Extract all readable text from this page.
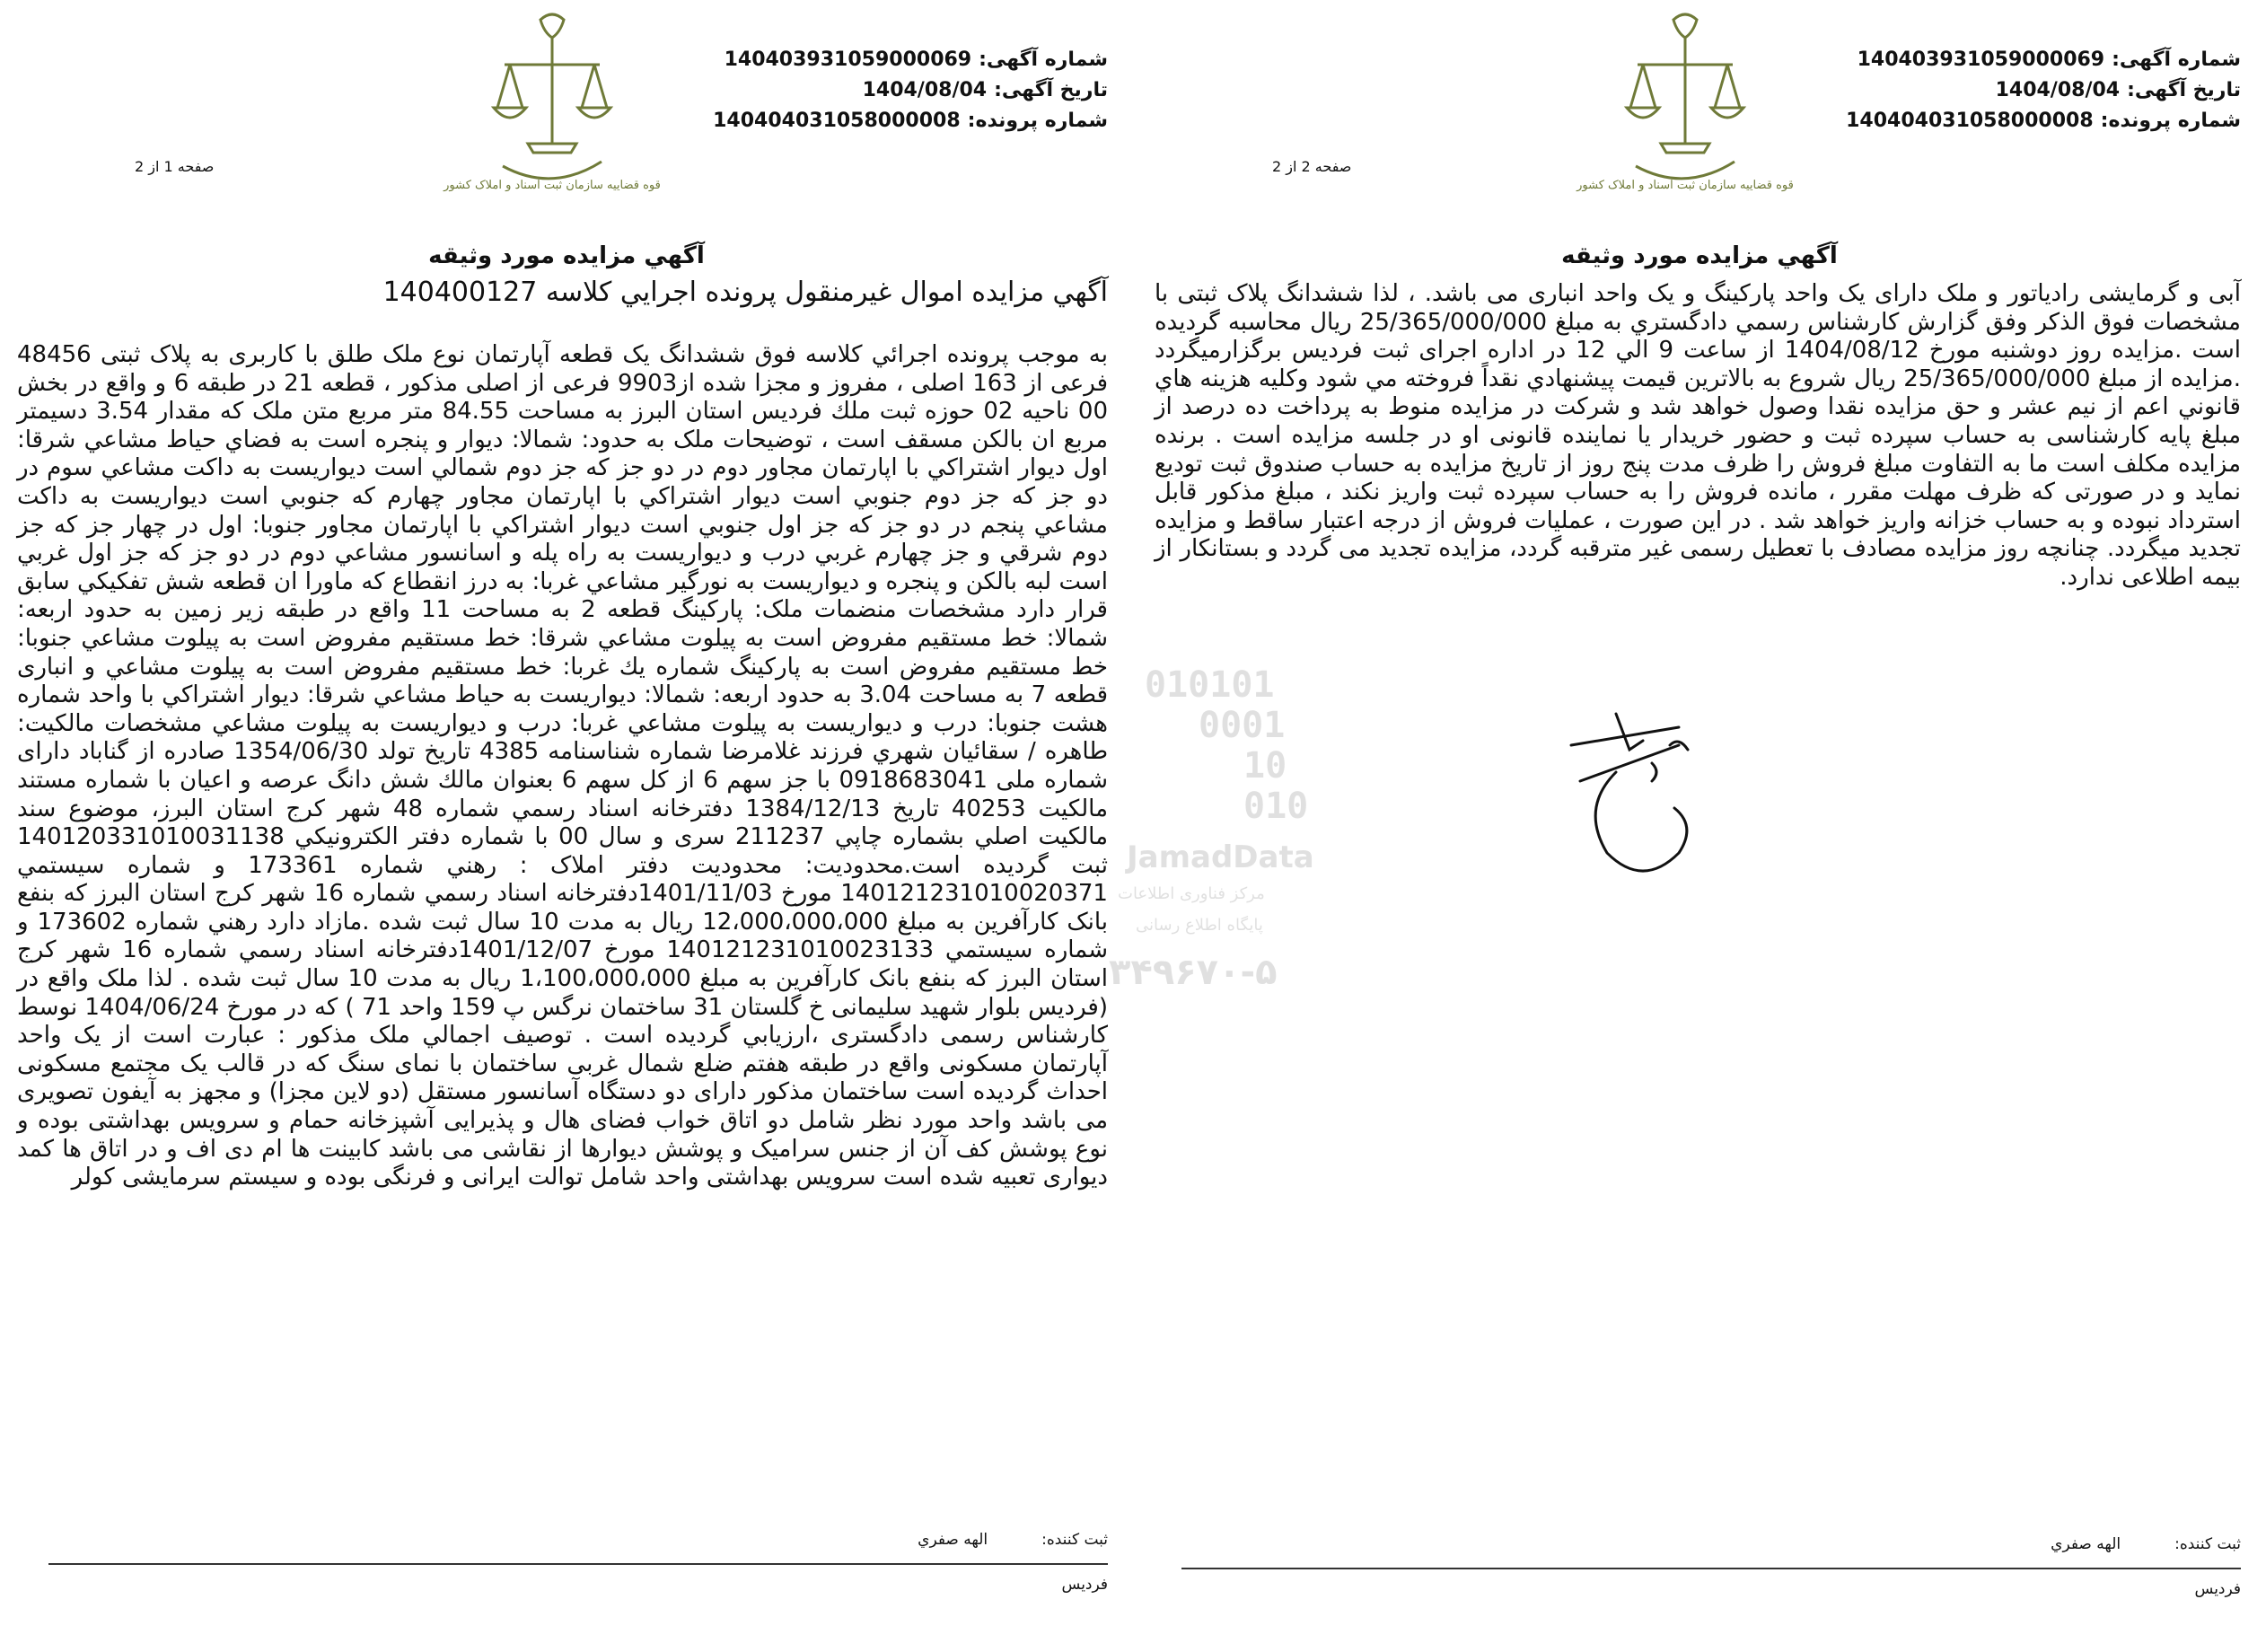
شماره آگهی:140403931059000069
تاریخ آگهی:1404/08/04
شماره پرونده:140404031058000008
قوه قضاییه سازمان ثبت اسناد و املاک کشور
صفحه 1 از 2
آگهي مزايده مورد وثيقه
آگهي مزايده اموال غيرمنقول پرونده اجرايي كلاسه 140400127
به موجب پرونده اجرائي كلاسه فوق ششدانگ يک قطعه آپارتمان نوع ملک طلق با کاربری به پلاک ثبتی 48456 فرعی از 163 اصلی ، مفروز و مجزا شده از9903 فرعی از اصلی مذکور ، قطعه 21 در طبقه 6 و واقع در بخش 00 ناحيه 02 حوزه ثبت ملك فرديس استان البرز به مساحت 84.55 متر مربع متن ملک كه مقدار 3.54 دسيمتر مربع ان بالكن مسقف است ، توضيحات ملک به حدود: شمالا: ديوار و پنجره است به فضاي حياط مشاعي شرقا: اول ديوار اشتراكي با اپارتمان مجاور دوم در دو جز كه جز دوم شمالي است ديواريست به داكت مشاعي سوم در دو جز كه جز دوم جنوبي است ديوار اشتراكي با اپارتمان مجاور چهارم كه جنوبي است ديواريست به داكت مشاعي پنجم در دو جز كه جز اول جنوبي است ديوار اشتراكي با اپارتمان مجاور جنوبا: اول در چهار جز كه جز دوم شرقي و جز چهارم غربي درب و ديواريست به راه پله و اسانسور مشاعي دوم در دو جز كه جز اول غربي است لبه بالكن و پنجره و ديواريست به نورگير مشاعي غربا: به درز انقطاع كه ماورا ان قطعه شش تفكيكي سابق قرار دارد مشخصات منضمات ملک: پاركينگ قطعه 2 به مساحت 11 واقع در طبقه زير زمين به حدود اربعه: شمالا: خط مستقيم مفروض است به پيلوت مشاعي شرقا: خط مستقيم مفروض است به پيلوت مشاعي جنوبا: خط مستقيم مفروض است به پاركينگ شماره يك غربا: خط مستقيم مفروض است به پيلوت مشاعي و انبارى قطعه 7 به مساحت 3.04 به حدود اربعه: شمالا: ديواريست به حياط مشاعي شرقا: ديوار اشتراكي با واحد شماره هشت جنوبا: درب و ديواريست به پيلوت مشاعي غربا: درب و ديواريست به پيلوت مشاعي مشخصات مالكيت: طاهره / سقائيان شهري فرزند غلامرضا شماره شناسنامه 4385 تاريخ تولد 1354/06/30 صادره از گناباد دارای شماره ملی 0918683041 با جز سهم 6 از كل سهم 6 بعنوان مالك شش دانگ عرصه و اعيان با شماره مستند مالكيت 40253 تاريخ 1384/12/13 دفترخانه اسناد رسمي شماره 48 شهر كرج استان البرز، موضوع سند مالكيت اصلي بشماره چاپي 211237 سری و سال 00 با شماره دفتر الكترونيكي 140120331010031138 ثبت گرديده است.محدوديت: محدوديت دفتر املاک : رهني شماره 173361 و شماره سيستمي 140121231010020371 مورخ 1401/11/03دفترخانه اسناد رسمي شماره 16 شهر كرج استان البرز كه بنفع بانک کارآفرین به مبلغ 12،000،000،000 ريال به مدت 10 سال ثبت شده .مازاد دارد رهني شماره 173602 و شماره سيستمي 140121231010023133 مورخ 1401/12/07دفترخانه اسناد رسمي شماره 16 شهر كرج استان البرز كه بنفع بانک کارآفرین به مبلغ 1،100،000،000 ريال به مدت 10 سال ثبت شده . لذا ملک واقع در (فردیس بلوار شهید سلیمانی خ گلستان 31 ساختمان نرگس پ 159 واحد 71 ) که در مورخ 1404/06/24 نوسط کارشناس رسمی دادگستری ،ارزيابي گرديده است . توصيف اجمالي ملک مذکور : عبارت است از یک واحد آپارتمان مسکونی واقع در طبقه هفتم ضلع شمال غربی ساختمان با نمای سنگ که در قالب یک مجتمع مسکونی احداث گردیده است ساختمان مذکور دارای دو دستگاه آسانسور مستقل (دو لاین مجزا) و مجهز به آیفون تصویری می باشد واحد مورد نظر شامل دو اتاق خواب فضای هال و پذیرایی آشپزخانه حمام و سرویس بهداشتی بوده و نوع پوشش کف آن از جنس سرامیک و پوشش دیوارها از نقاشی می باشد کابینت ها ام دی اف و در اتاق ها کمد دیواری تعبیه شده است سرویس بهداشتی واحد شامل توالت ایرانی و فرنگی بوده و سیستم سرمایشی کولر
ثبت کننده:
الهه صفري
فرديس
شماره آگهی:140403931059000069
تاریخ آگهی:1404/08/04
شماره پرونده:140404031058000008
قوه قضاییه سازمان ثبت اسناد و املاک کشور
صفحه 2 از 2
آگهي مزايده مورد وثيقه
آبی و گرمایشی رادیاتور و ملک دارای یک واحد پارکینگ و یک واحد انباری می باشد. ، لذا ششدانگ پلاک ثبتی با مشخصات فوق الذكر وفق گزارش كارشناس رسمي دادگستري به مبلغ 25/365/000/000 ريال محاسبه گرديده است .مزايده روز دوشنبه مورخ 1404/08/12 از ساعت 9 الي 12 در اداره اجرای ثبت فردیس برگزارميگردد .مزايده از مبلغ 25/365/000/000 ريال شروع به بالاترين قيمت پيشنهادي نقداً فروخته مي شود وكليه هزينه هاي قانوني اعم از نيم عشر و حق مزايده نقدا وصول خواهد شد و شرکت در مزایده منوط به پرداخت ده درصد از مبلغ پایه کارشناسی به حساب سپرده ثبت و حضور خریدار یا نماینده قانونی او در جلسه مزایده است . برنده مزایده مکلف است ما به التفاوت مبلغ فروش را ظرف مدت پنج روز از تاریخ مزایده به حساب صندوق ثبت تودیع نماید و در صورتی که ظرف مهلت مقرر ، مانده فروش را به حساب سپرده ثبت واریز نکند ، مبلغ مذکور قابل استرداد نبوده و به حساب خزانه واریز خواهد شد . در این صورت ، عملیات فروش از درجه اعتبار ساقط و مزایده تجدید میگردد. چنانچه روز مزایده مصادف با تعطیل رسمی غیر مترقبه گردد، مزایده تجدید می گردد و بستانکار از بیمه اطلاعی ندارد.
ثبت کننده:
الهه صفري
فرديس
010101
0001
10
010
JamadData
مرکز فناوری اطلاعات
پایگاه اطلاع رسانی
۳۴۹۶۷۰-۵
